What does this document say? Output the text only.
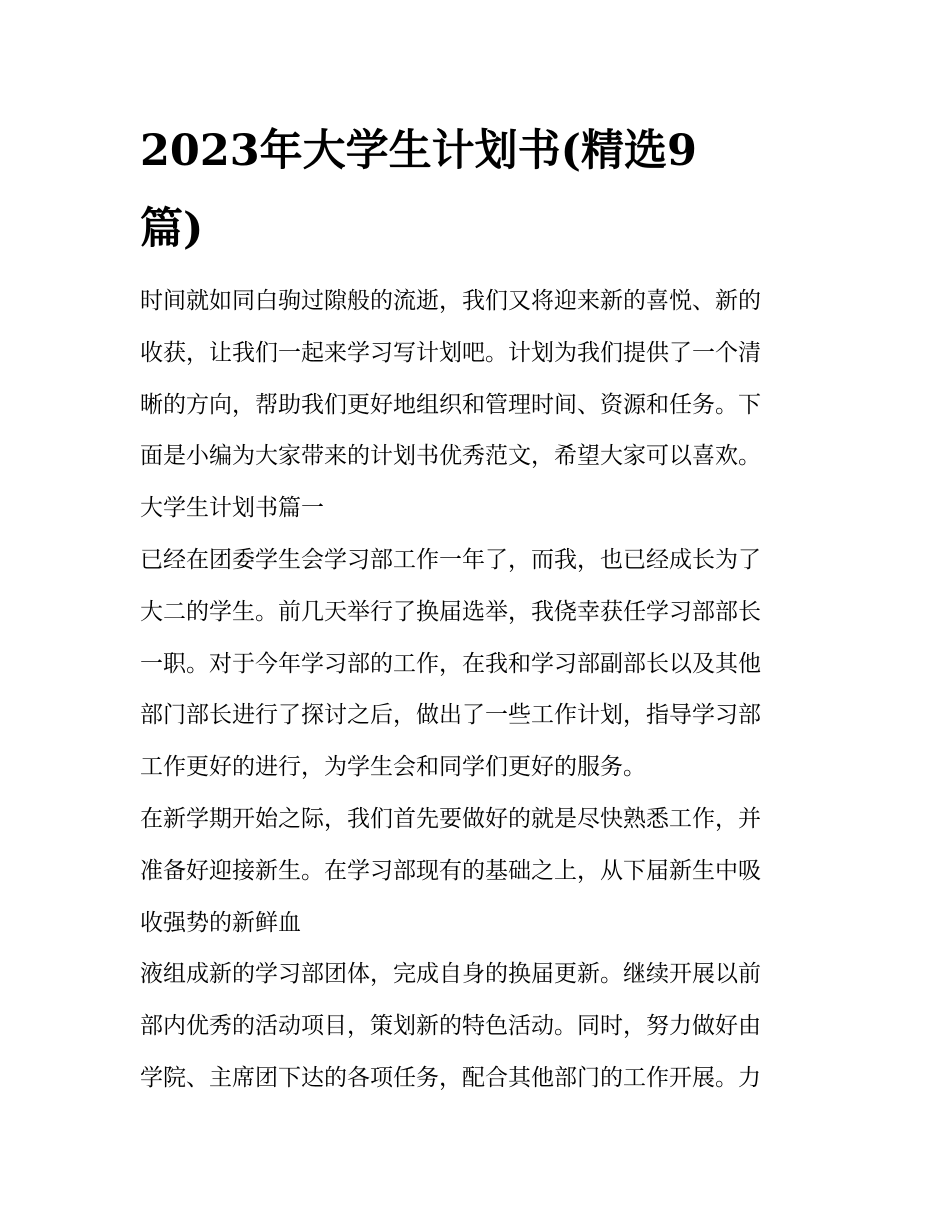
2023年大学生计划书(精选9
篇)
时间就如同白驹过隙般的流逝，我们又将迎来新的喜悦、新的
收获，让我们一起来学习写计划吧。计划为我们提供了一个清
晰的方向，帮助我们更好地组织和管理时间、资源和任务。下
面是小编为大家带来的计划书优秀范文，希望大家可以喜欢。
大学生计划书篇一
已经在团委学生会学习部工作一年了，而我，也已经成长为了
大二的学生。前几天举行了换届选举，我侥幸获任学习部部长
一职。对于今年学习部的工作，在我和学习部副部长以及其他
部门部长进行了探讨之后，做出了一些工作计划，指导学习部
工作更好的进行，为学生会和同学们更好的服务。
在新学期开始之际，我们首先要做好的就是尽快熟悉工作，并
准备好迎接新生。在学习部现有的基础之上，从下届新生中吸
收强势的新鲜血
液组成新的学习部团体，完成自身的换届更新。继续开展以前
部内优秀的活动项目，策划新的特色活动。同时，努力做好由
学院、主席团下达的各项任务，配合其他部门的工作开展。力
